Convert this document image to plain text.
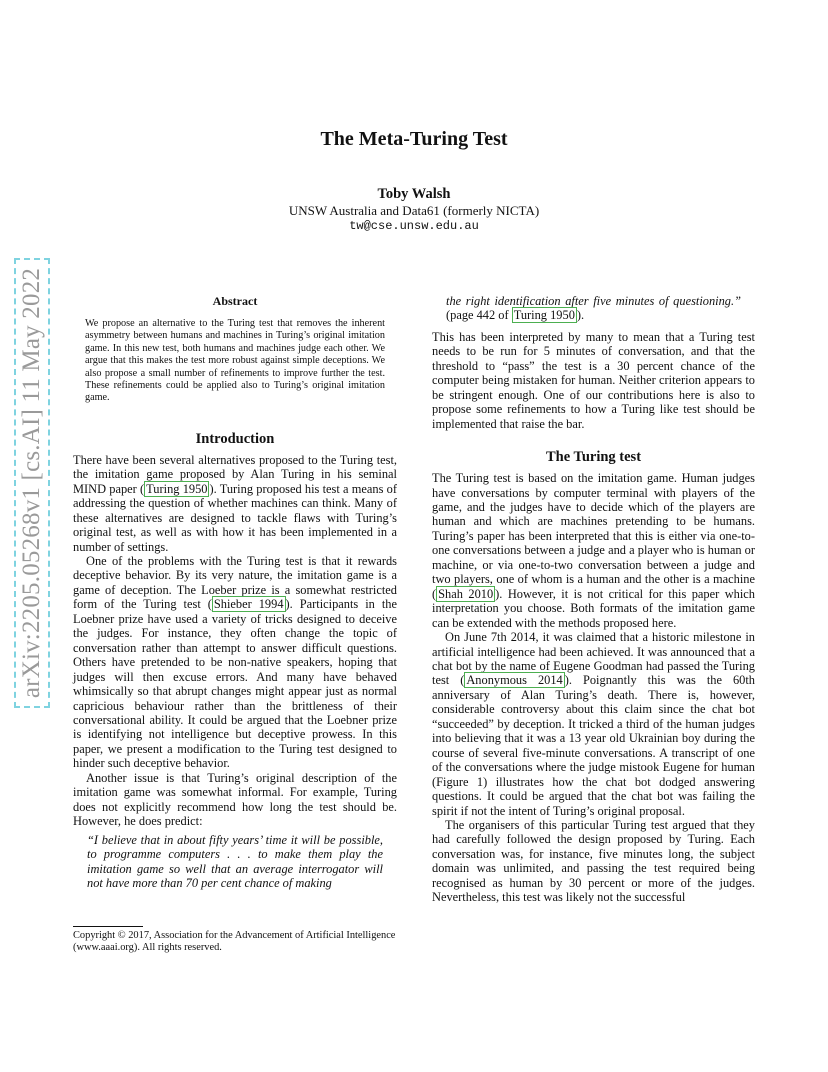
arXiv:2205.05268v1 [cs.AI] 11 May 2022
The Meta-Turing Test
Toby Walsh
UNSW Australia and Data61 (formerly NICTA)
tw@cse.unsw.edu.au
Abstract

We propose an alternative to the Turing test that removes the inherent asymmetry between humans and machines in Turing’s original imitation game. In this new test, both humans and machines judge each other. We argue that this makes the test more robust against simple deceptions. We also propose a small number of refinements to improve further the test. These refinements could be applied also to Turing’s original imitation game.

Introduction

There have been several alternatives proposed to the Turing test, the imitation game proposed by Alan Turing in his seminal MIND paper ( Turing 1950 ). Turing proposed his test a means of addressing the question of whether machines can think. Many of these alternatives are designed to tackle flaws with Turing’s original test, as well as with how it has been implemented in a number of settings.

One of the problems with the Turing test is that it rewards deceptive behavior. By its very nature, the imitation game is a game of deception. The Loeber prize is a somewhat restricted form of the Turing test ( Shieber 1994 ). Participants in the Loebner prize have used a variety of tricks designed to deceive the judges. For instance, they often change the topic of conversation rather than attempt to answer difficult questions. Others have pretended to be non-native speakers, hoping that judges will then excuse errors. And many have behaved whimsically so that abrupt changes might appear just as normal capricious behaviour rather than the brittleness of their conversational ability. It could be argued that the Loebner prize is identifying not intelligence but deceptive prowess. In this paper, we present a modification to the Turing test designed to hinder such deceptive behavior.

Another issue is that Turing’s original description of the imitation game was somewhat informal. For example, Turing does not explicitly recommend how long the test should be. However, he does predict:

“I believe that in about fifty years’ time it will be possible, to programme computers . . . to make them play the imitation game so well that an average interrogator will not have more than 70 per cent chance of making

Copyright © 2017, Association for the Advancement of Artificial Intelligence (www.aaai.org). All rights reserved.

the right identification after five minutes of questioning.” (page 442 of Turing 1950 ).

This has been interpreted by many to mean that a Turing test needs to be run for 5 minutes of conversation, and that the threshold to “pass” the test is a 30 percent chance of the computer being mistaken for human. Neither criterion appears to be stringent enough. One of our contributions here is also to propose some refinements to how a Turing like test should be implemented that raise the bar.

The Turing test

The Turing test is based on the imitation game. Human judges have conversations by computer terminal with players of the game, and the judges have to decide which of the players are human and which are machines pretending to be humans. Turing’s paper has been interpreted that this is either via one-to-one conversations between a judge and a player who is human or machine, or via one-to-two conversation between a judge and two players, one of whom is a human and the other is a machine ( Shah 2010 ). However, it is not critical for this paper which interpretation you choose. Both formats of the imitation game can be extended with the methods proposed here.

On June 7th 2014, it was claimed that a historic milestone in artificial intelligence had been achieved. It was announced that a chat bot by the name of Eugene Goodman had passed the Turing test ( Anonymous 2014 ). Poignantly this was the 60th anniversary of Alan Turing’s death. There is, however, considerable controversy about this claim since the chat bot “succeeded” by deception. It tricked a third of the human judges into believing that it was a 13 year old Ukrainian boy during the course of several five-minute conversations. A transcript of one of the conversations where the judge mistook Eugene for human (Figure 1) illustrates how the chat bot dodged answering questions. It could be argued that the chat bot was failing the spirit if not the intent of Turing’s original proposal.

The organisers of this particular Turing test argued that they had carefully followed the design proposed by Turing. Each conversation was, for instance, five minutes long, the subject domain was unlimited, and passing the test required being recognised as human by 30 percent or more of the judges. Nevertheless, this test was likely not the successful
